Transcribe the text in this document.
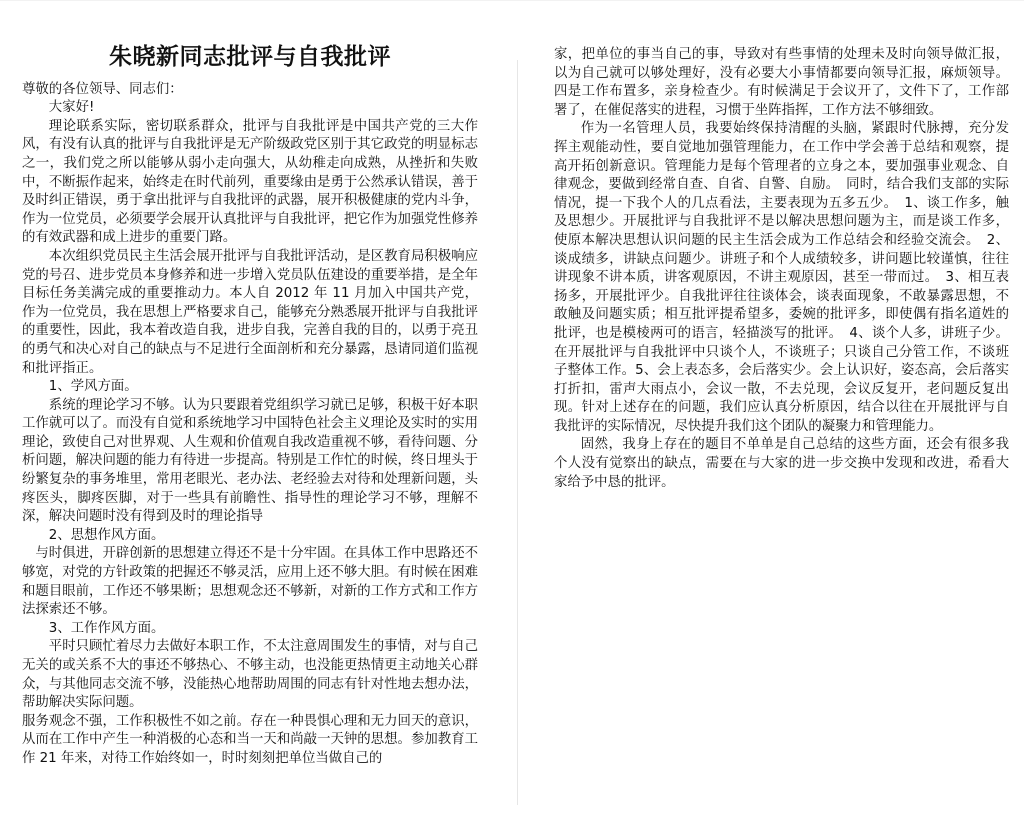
朱晓新同志批评与自我批评

尊敬的各位领导、同志们：

大家好!

理论联系实际，密切联系群众，批评与自我批评是中国共产党的三大作风，有没有认真的批评与自我批评是无产阶级政党区别于其它政党的明显标志之一，我们党之所以能够从弱小走向强大，从幼稚走向成熟，从挫折和失败中，不断振作起来，始终走在时代前列，重要缘由是勇于公然承认错误，善于及时纠正错误，勇于拿出批评与自我批评的武器，展开积极健康的党内斗争，作为一位党员，必须要学会展开认真批评与自我批评，把它作为加强党性修养的有效武器和成上进步的重要门路。

本次组织党员民主生活会展开批评与自我批评活动，是区教育局积极响应党的号召、进步党员本身修养和进一步增入党员队伍建设的重要举措，是全年目标任务美满完成的重要推动力。本人自 2012 年 11 月加入中国共产党，作为一位党员，我在思想上严格要求自己，能够充分熟悉展开批评与自我批评的重要性，因此，我本着改造自我，进步自我，完善自我的目的，以勇于亮丑的勇气和决心对自己的缺点与不足进行全面剖析和充分暴露，恳请同道们监视和批评指正。

1、学风方面。

系统的理论学习不够。认为只要跟着党组织学习就已足够，积极干好本职工作就可以了。而没有自觉和系统地学习中国特色社会主义理论及实时的实用理论，致使自己对世界观、人生观和价值观自我改造重视不够，看待问题、分析问题，解决问题的能力有待进一步提高。特别是工作忙的时候，终日埋头于纷繁复杂的事务堆里，常用老眼光、老办法、老经验去对待和处理新问题，头疼医头，脚疼医脚，对于一些具有前瞻性、指导性的理论学习不够，理解不深，解决问题时没有得到及时的理论指导

2、思想作风方面。

与时俱进，开辟创新的思想建立得还不是十分牢固。在具体工作中思路还不够宽，对党的方针政策的把握还不够灵活，应用上还不够大胆。有时候在困难和题目眼前，工作还不够果断；思想观念还不够新，对新的工作方式和工作方法探索还不够。

3、工作作风方面。

平时只顾忙着尽力去做好本职工作，不太注意周围发生的事情，对与自己无关的或关系不大的事还不够热心、不够主动，也没能更热情更主动地关心群众，与其他同志交流不够，没能热心地帮助周围的同志有针对性地去想办法，帮助解决实际问题。

服务观念不强，工作积极性不如之前。存在一种畏惧心理和无力回天的意识，从而在工作中产生一种消极的心态和当一天和尚敲一天钟的思想。参加教育工作 21 年来，对待工作始终如一，时时刻刻把单位当做自己的

家，把单位的事当自己的事，导致对有些事情的处理未及时向领导做汇报，以为自己就可以够处理好，没有必要大小事情都要向领导汇报，麻烦领导。四是工作布置多，亲身检查少。有时候满足于会议开了，文件下了，工作部署了，在催促落实的进程，习惯于坐阵指挥，工作方法不够细致。

作为一名管理人员，我要始终保持清醒的头脑，紧跟时代脉搏，充分发挥主观能动性，要自觉地加强管理能力，在工作中学会善于总结和观察，提高开拓创新意识。管理能力是每个管理者的立身之本，要加强事业观念、自律观念，要做到经常自查、自省、自警、自励。　同时，结合我们支部的实际情况，提一下我个人的几点看法，主要表现为五多五少。　1、谈工作多，触及思想少。开展批评与自我批评不是以解决思想问题为主，而是谈工作多，使原本解决思想认识问题的民主生活会成为工作总结会和经验交流会。　2、谈成绩多，讲缺点问题少。讲班子和个人成绩较多，讲问题比较谨慎，往往讲现象不讲本质，讲客观原因，不讲主观原因，甚至一带而过。　3、相互表扬多，开展批评少。自我批评往往谈体会，谈表面现象，不敢暴露思想，不敢触及问题实质；相互批评提希望多，委婉的批评多，即使偶有指名道姓的批评，也是模棱两可的语言，轻描淡写的批评。　4、谈个人多，讲班子少。在开展批评与自我批评中只谈个人，不谈班子；只谈自己分管工作，不谈班子整体工作。5、会上表态多，会后落实少。会上认识好，姿态高，会后落实打折扣，雷声大雨点小，会议一散，不去兑现，会议反复开，老问题反复出现。针对上述存在的问题，我们应认真分析原因，结合以往在开展批评与自我批评的实际情况，尽快提升我们这个团队的凝聚力和管理能力。

固然，我身上存在的题目不单单是自己总结的这些方面，还会有很多我个人没有觉察出的缺点，需要在与大家的进一步交换中发现和改进，希看大家给予中恳的批评。
